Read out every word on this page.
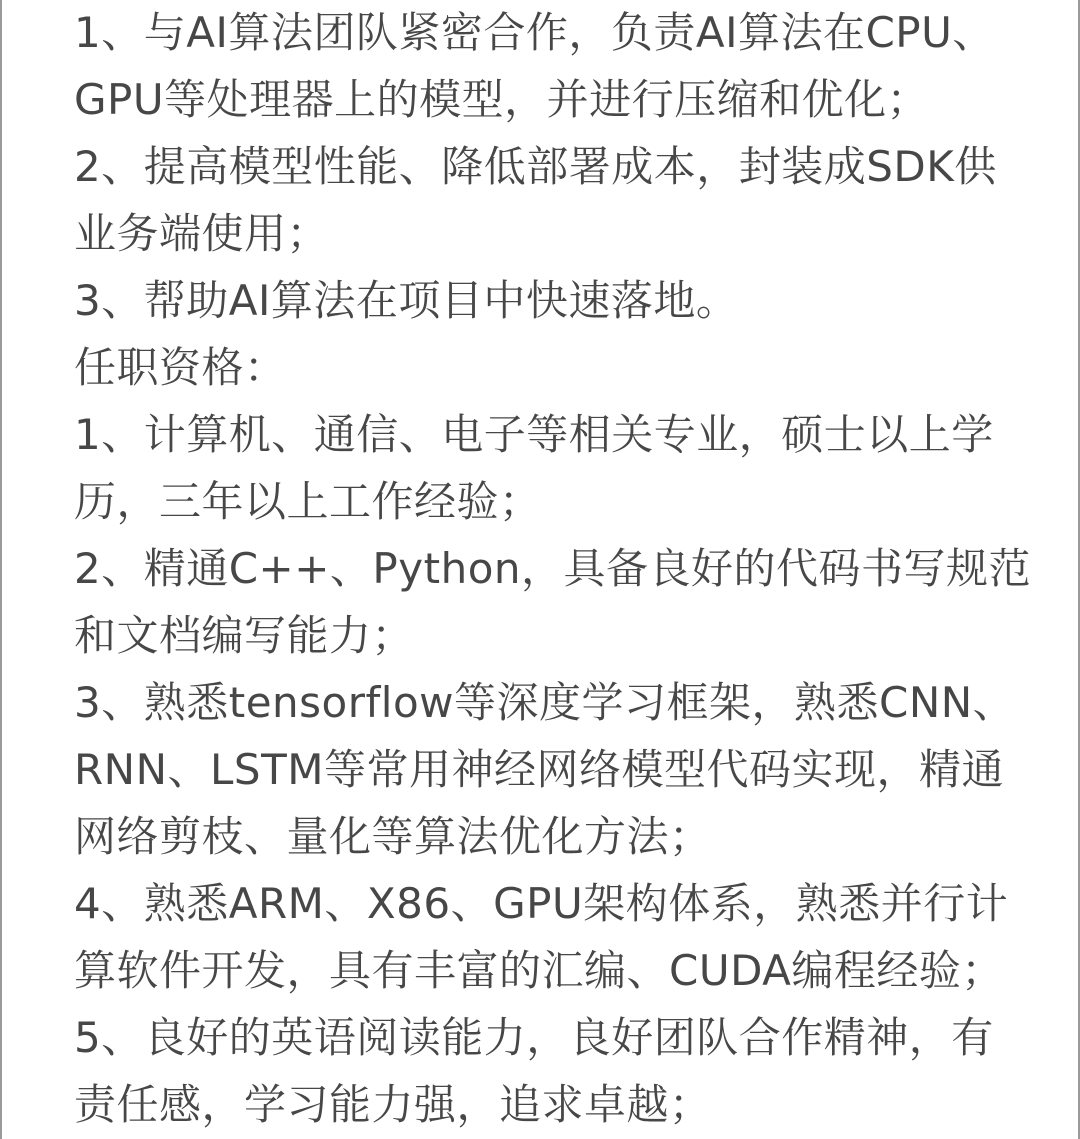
1、与AI算法团队紧密合作，负责AI算法在CPU、
GPU等处理器上的模型，并进行压缩和优化；
2、提高模型性能、降低部署成本，封装成SDK供
业务端使用；
3、帮助AI算法在项目中快速落地。
任职资格：
1、计算机、通信、电子等相关专业，硕士以上学
历，三年以上工作经验；
2、精通C++、Python，具备良好的代码书写规范
和文档编写能力；
3、熟悉tensorflow等深度学习框架，熟悉CNN、
RNN、LSTM等常用神经网络模型代码实现，精通
网络剪枝、量化等算法优化方法；
4、熟悉ARM、X86、GPU架构体系，熟悉并行计
算软件开发，具有丰富的汇编、CUDA编程经验；
5、良好的英语阅读能力，良好团队合作精神，有
责任感，学习能力强，追求卓越；
